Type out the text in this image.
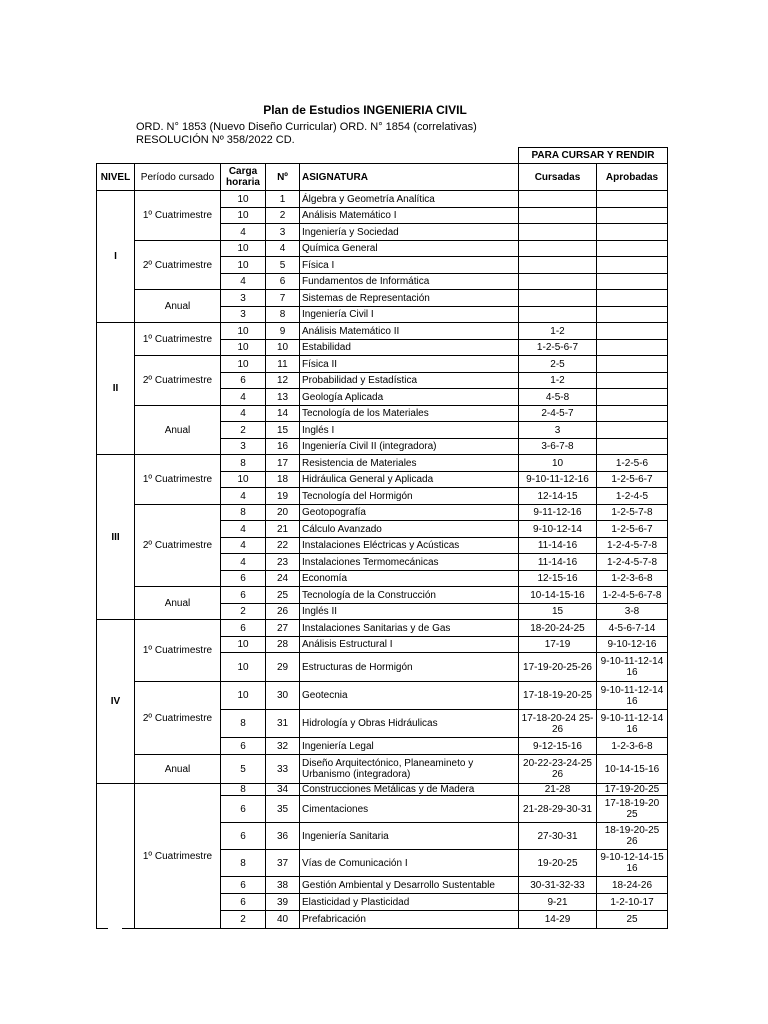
Plan de Estudios INGENIERIA CIVIL
ORD. N° 1853 (Nuevo Diseño Curricular) ORD. N° 1854 (correlativas)
RESOLUCIÓN Nº 358/2022 CD.
					PARA CURSAR Y RENDIR	
NIVEL	Período cursado	Carga horaria	Nº	ASIGNATURA	Cursadas	Aprobadas
I	1º Cuatrimestre	10	1	Álgebra y Geometría Analítica		
		10	2	Análisis Matemático I		
		4	3	Ingeniería y Sociedad		
	2º Cuatrimestre	10	4	Química General		
		10	5	Física I		
		4	6	Fundamentos de Informática		
	Anual	3	7	Sistemas de Representación		
		3	8	Ingeniería Civil I		
II	1º Cuatrimestre	10	9	Análisis Matemático II	1-2	
		10	10	Estabilidad	1-2-5-6-7	
	2º Cuatrimestre	10	11	Física II	2-5	
		6	12	Probabilidad y Estadística	1-2	
		4	13	Geología Aplicada	4-5-8	
	Anual	4	14	Tecnología de los Materiales	2-4-5-7	
		2	15	Inglés I	3	
		3	16	Ingeniería Civil II (integradora)	3-6-7-8	
III	1º Cuatrimestre	8	17	Resistencia de Materiales	10	1-2-5-6
		10	18	Hidráulica General y Aplicada	9-10-11-12-16	1-2-5-6-7
		4	19	Tecnología del Hormigón	12-14-15	1-2-4-5
	2º Cuatrimestre	8	20	Geotopografía	9-11-12-16	1-2-5-7-8
		4	21	Cálculo Avanzado	9-10-12-14	1-2-5-6-7
		4	22	Instalaciones Eléctricas y Acústicas	11-14-16	1-2-4-5-7-8
		4	23	Instalaciones Termomecánicas	11-14-16	1-2-4-5-7-8
		6	24	Economía	12-15-16	1-2-3-6-8
	Anual	6	25	Tecnología de la Construcción	10-14-15-16	1-2-4-5-6-7-8
		2	26	Inglés II	15	3-8
IV	1º Cuatrimestre	6	27	Instalaciones Sanitarias y de Gas	18-20-24-25	4-5-6-7-14
		10	28	Análisis Estructural I	17-19	9-10-12-16
		10	29	Estructuras de Hormigón	17-19-20-25-26	9-10-11-12-14 16
	2º Cuatrimestre	10	30	Geotecnia	17-18-19-20-25	9-10-11-12-14 16
		8	31	Hidrología y Obras Hidráulicas	17-18-20-24 25-26	9-10-11-12-14 16
		6	32	Ingeniería Legal	9-12-15-16	1-2-3-6-8
	Anual	5	33	Diseño Arquitectónico, Planeamineto y Urbanismo (integradora)	20-22-23-24-25 26	10-14-15-16
	1º Cuatrimestre	8	34	Construcciones Metálicas y de Madera	21-28	17-19-20-25
		6	35	Cimentaciones	21-28-29-30-31	17-18-19-20 25
		6	36	Ingeniería Sanitaria	27-30-31	18-19-20-25 26
		8	37	Vías de Comunicación I	19-20-25	9-10-12-14-15 16
		6	38	Gestión Ambiental y Desarrollo Sustentable	30-31-32-33	18-24-26
		6	39	Elasticidad y Plasticidad	9-21	1-2-10-17
		2	40	Prefabricación	14-29	25
